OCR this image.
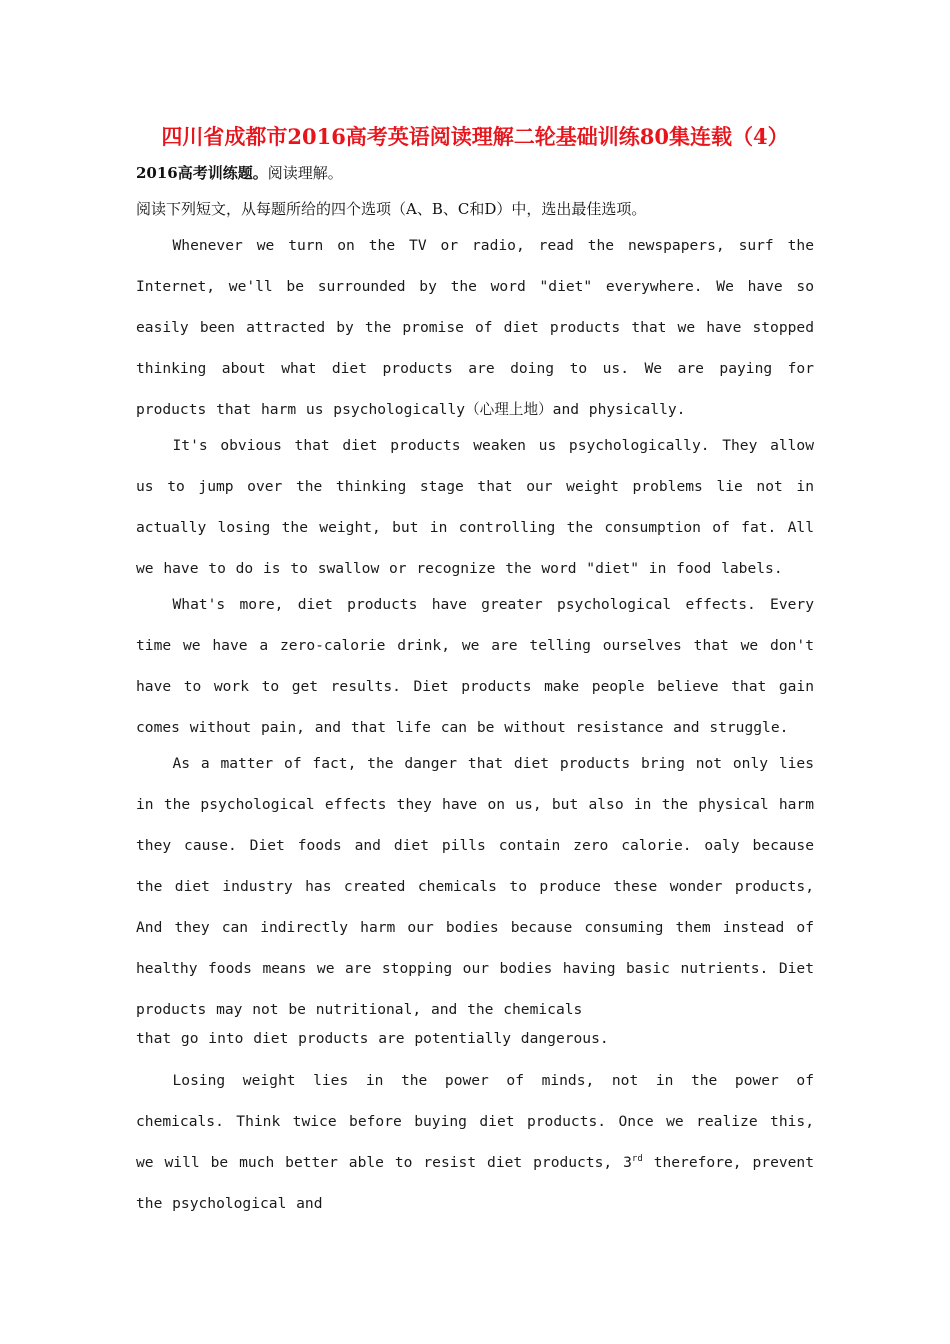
四川省成都市2016高考英语阅读理解二轮基础训练80集连载（4）
2016高考训练题。阅读理解。
阅读下列短文，从每题所给的四个选项（A、B、C和D）中，选出最佳选项。

Whenever we turn on the TV or radio, read the newspapers, surf the Internet, we'll be surrounded by the word "diet" everywhere. We have so easily been attracted by the promise of diet products that we have stopped thinking about what diet products are doing to us. We are paying for products that harm us psychologically（心理上地）and physically.

It's obvious that diet products weaken us psychologically. They allow us to jump over the thinking stage that our weight problems lie not in actually losing the weight, but in controlling the consumption of fat. All we have to do is to swallow or recognize the word "diet" in food labels.

What's more, diet products have greater psychological effects. Every time we have a zero-calorie drink, we are telling ourselves that we don't have to work to get results. Diet products make people believe that gain comes without pain, and that life can be without resistance and struggle.

As a matter of fact, the danger that diet products bring not only lies in the psychological effects they have on us, but also in the physical harm they cause. Diet foods and diet pills contain zero calorie. oaly because the diet industry has created chemicals to produce these wonder products, And they can indirectly harm our bodies because consuming them instead of healthy foods means we are stopping our bodies having basic nutrients. Diet products may not be nutritional, and the chemicals

that go into diet products are potentially dangerous.

Losing weight lies in the power of minds, not in the power of chemicals. Think twice before buying diet products. Once we realize this, we will be much better able to resist diet products, 3rd therefore, prevent the psychological and
